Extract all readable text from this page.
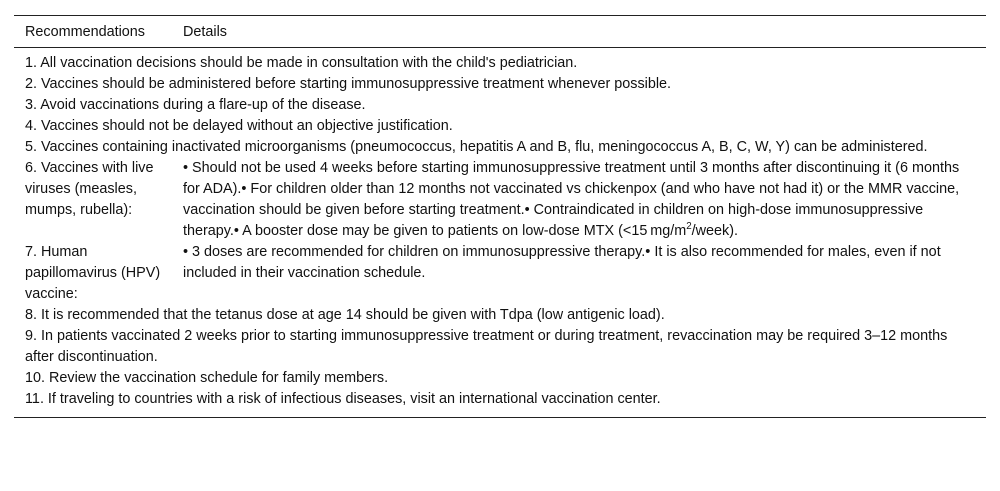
Recommendations	Details
1. All vaccination decisions should be made in consultation with the child's pediatrician.	
2. Vaccines should be administered before starting immunosuppressive treatment whenever possible.	
3. Avoid vaccinations during a flare-up of the disease.	
4. Vaccines should not be delayed without an objective justification.	
5. Vaccines containing inactivated microorganisms (pneumococcus, hepatitis A and B, flu, meningococcus A, B, C, W, Y) can be administered.	
6. Vaccines with live viruses (measles, mumps, rubella):	• Should not be used 4 weeks before starting immunosuppressive treatment until 3 months after discontinuing it (6 months for ADA).• For children older than 12 months not vaccinated vs chickenpox (and who have not had it) or the MMR vaccine, vaccination should be given before starting treatment.• Contraindicated in children on high-dose immunosuppressive therapy.• A booster dose may be given to patients on low-dose MTX (<15 $mg/m^2/week$).
7. Human papillomavirus (HPV) vaccine:	• 3 doses are recommended for children on immunosuppressive therapy.• It is also recommended for males, even if not included in their vaccination schedule.
8. It is recommended that the tetanus dose at age 14 should be given with Tdpa (low antigenic load).	
9. In patients vaccinated 2 weeks prior to starting immunosuppressive treatment or during treatment, revaccination may be required 3–12 months after discontinuation.	
10. Review the vaccination schedule for family members.	
11. If traveling to countries with a risk of infectious diseases, visit an international vaccination center.	
